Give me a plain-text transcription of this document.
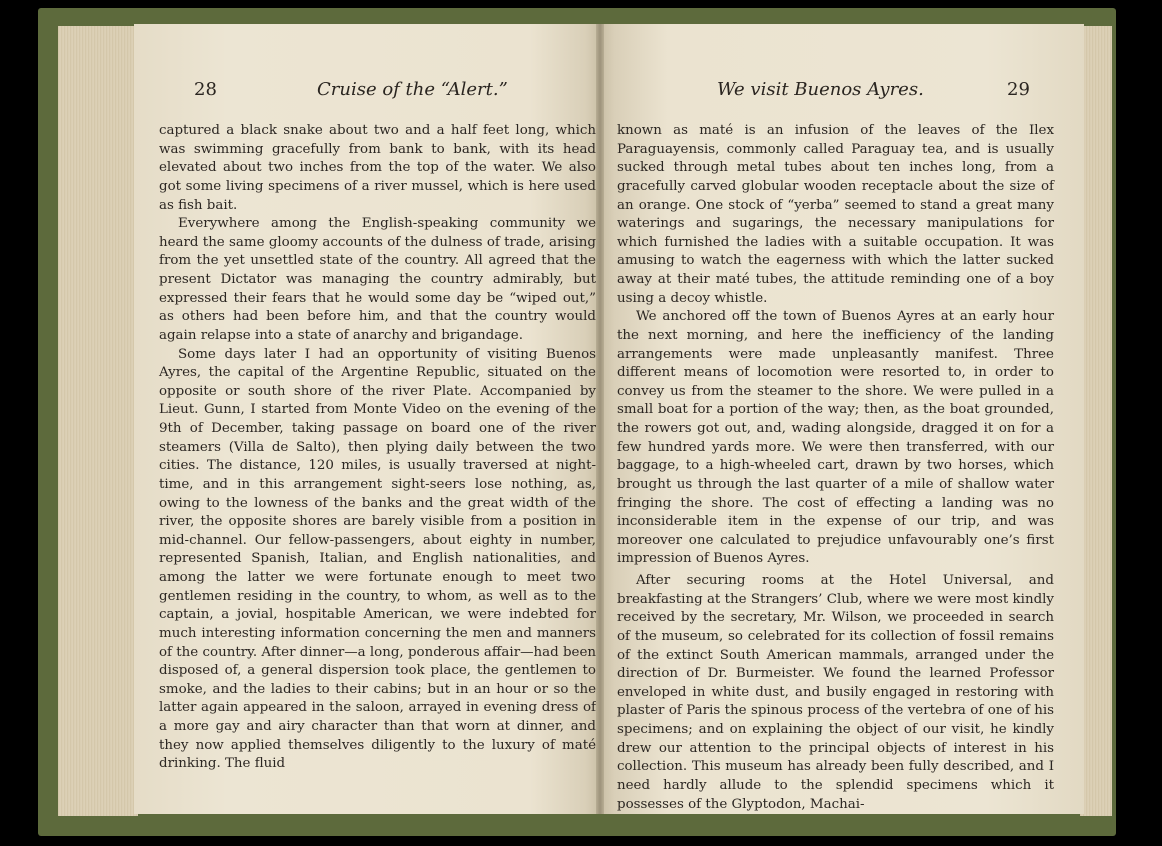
28	Cruise of the “Alert.”

captured a black snake about two and a half feet long, which was swimming gracefully from bank to bank, with its head elevated about two inches from the top of the water. We also got some living specimens of a river mussel, which is here used as fish bait.

Everywhere among the English-speaking community we heard the same gloomy accounts of the dulness of trade, arising from the yet unsettled state of the country. All agreed that the present Dictator was managing the country admirably, but expressed their fears that he would some day be “wiped out,” as others had been before him, and that the country would again relapse into a state of anarchy and brigandage.

Some days later I had an opportunity of visiting Buenos Ayres, the capital of the Argentine Republic, situated on the opposite or south shore of the river Plate. Accompanied by Lieut. Gunn, I started from Monte Video on the evening of the 9th of December, taking passage on board one of the river steamers (Villa de Salto), then plying daily between the two cities. The distance, 120 miles, is usually traversed at night-time, and in this arrangement sight-seers lose nothing, as, owing to the lowness of the banks and the great width of the river, the opposite shores are barely visible from a position in mid-channel. Our fellow-passengers, about eighty in number, represented Spanish, Italian, and English nationalities, and among the latter we were fortunate enough to meet two gentlemen residing in the country, to whom, as well as to the captain, a jovial, hospitable American, we were indebted for much interesting information concerning the men and manners of the country. After dinner—a long, ponderous affair—had been disposed of, a general dispersion took place, the gentlemen to smoke, and the ladies to their cabins; but in an hour or so the latter again appeared in the saloon, arrayed in evening dress of a more gay and airy character than that worn at dinner, and they now applied themselves diligently to the luxury of maté drinking. The fluid

We visit Buenos Ayres.	29

known as maté is an infusion of the leaves of the Ilex Paraguayensis, commonly called Paraguay tea, and is usually sucked through metal tubes about ten inches long, from a gracefully carved globular wooden receptacle about the size of an orange. One stock of “yerba” seemed to stand a great many waterings and sugarings, the necessary manipulations for which furnished the ladies with a suitable occupation. It was amusing to watch the eagerness with which the latter sucked away at their maté tubes, the attitude reminding one of a boy using a decoy whistle.

We anchored off the town of Buenos Ayres at an early hour the next morning, and here the inefficiency of the landing arrangements were made unpleasantly manifest. Three different means of locomotion were resorted to, in order to convey us from the steamer to the shore. We were pulled in a small boat for a portion of the way; then, as the boat grounded, the rowers got out, and, wading alongside, dragged it on for a few hundred yards more. We were then transferred, with our baggage, to a high-wheeled cart, drawn by two horses, which brought us through the last quarter of a mile of shallow water fringing the shore. The cost of effecting a landing was no inconsiderable item in the expense of our trip, and was moreover one calculated to prejudice unfavourably one’s first impression of Buenos Ayres.

After securing rooms at the Hotel Universal, and breakfasting at the Strangers’ Club, where we were most kindly received by the secretary, Mr. Wilson, we proceeded in search of the museum, so celebrated for its collection of fossil remains of the extinct South American mammals, arranged under the direction of Dr. Burmeister. We found the learned Professor enveloped in white dust, and busily engaged in restoring with plaster of Paris the spinous process of the vertebra of one of his specimens; and on explaining the object of our visit, he kindly drew our attention to the principal objects of interest in his collection. This museum has already been fully described, and I need hardly allude to the splendid specimens which it possesses of the Glyptodon, Machai-
